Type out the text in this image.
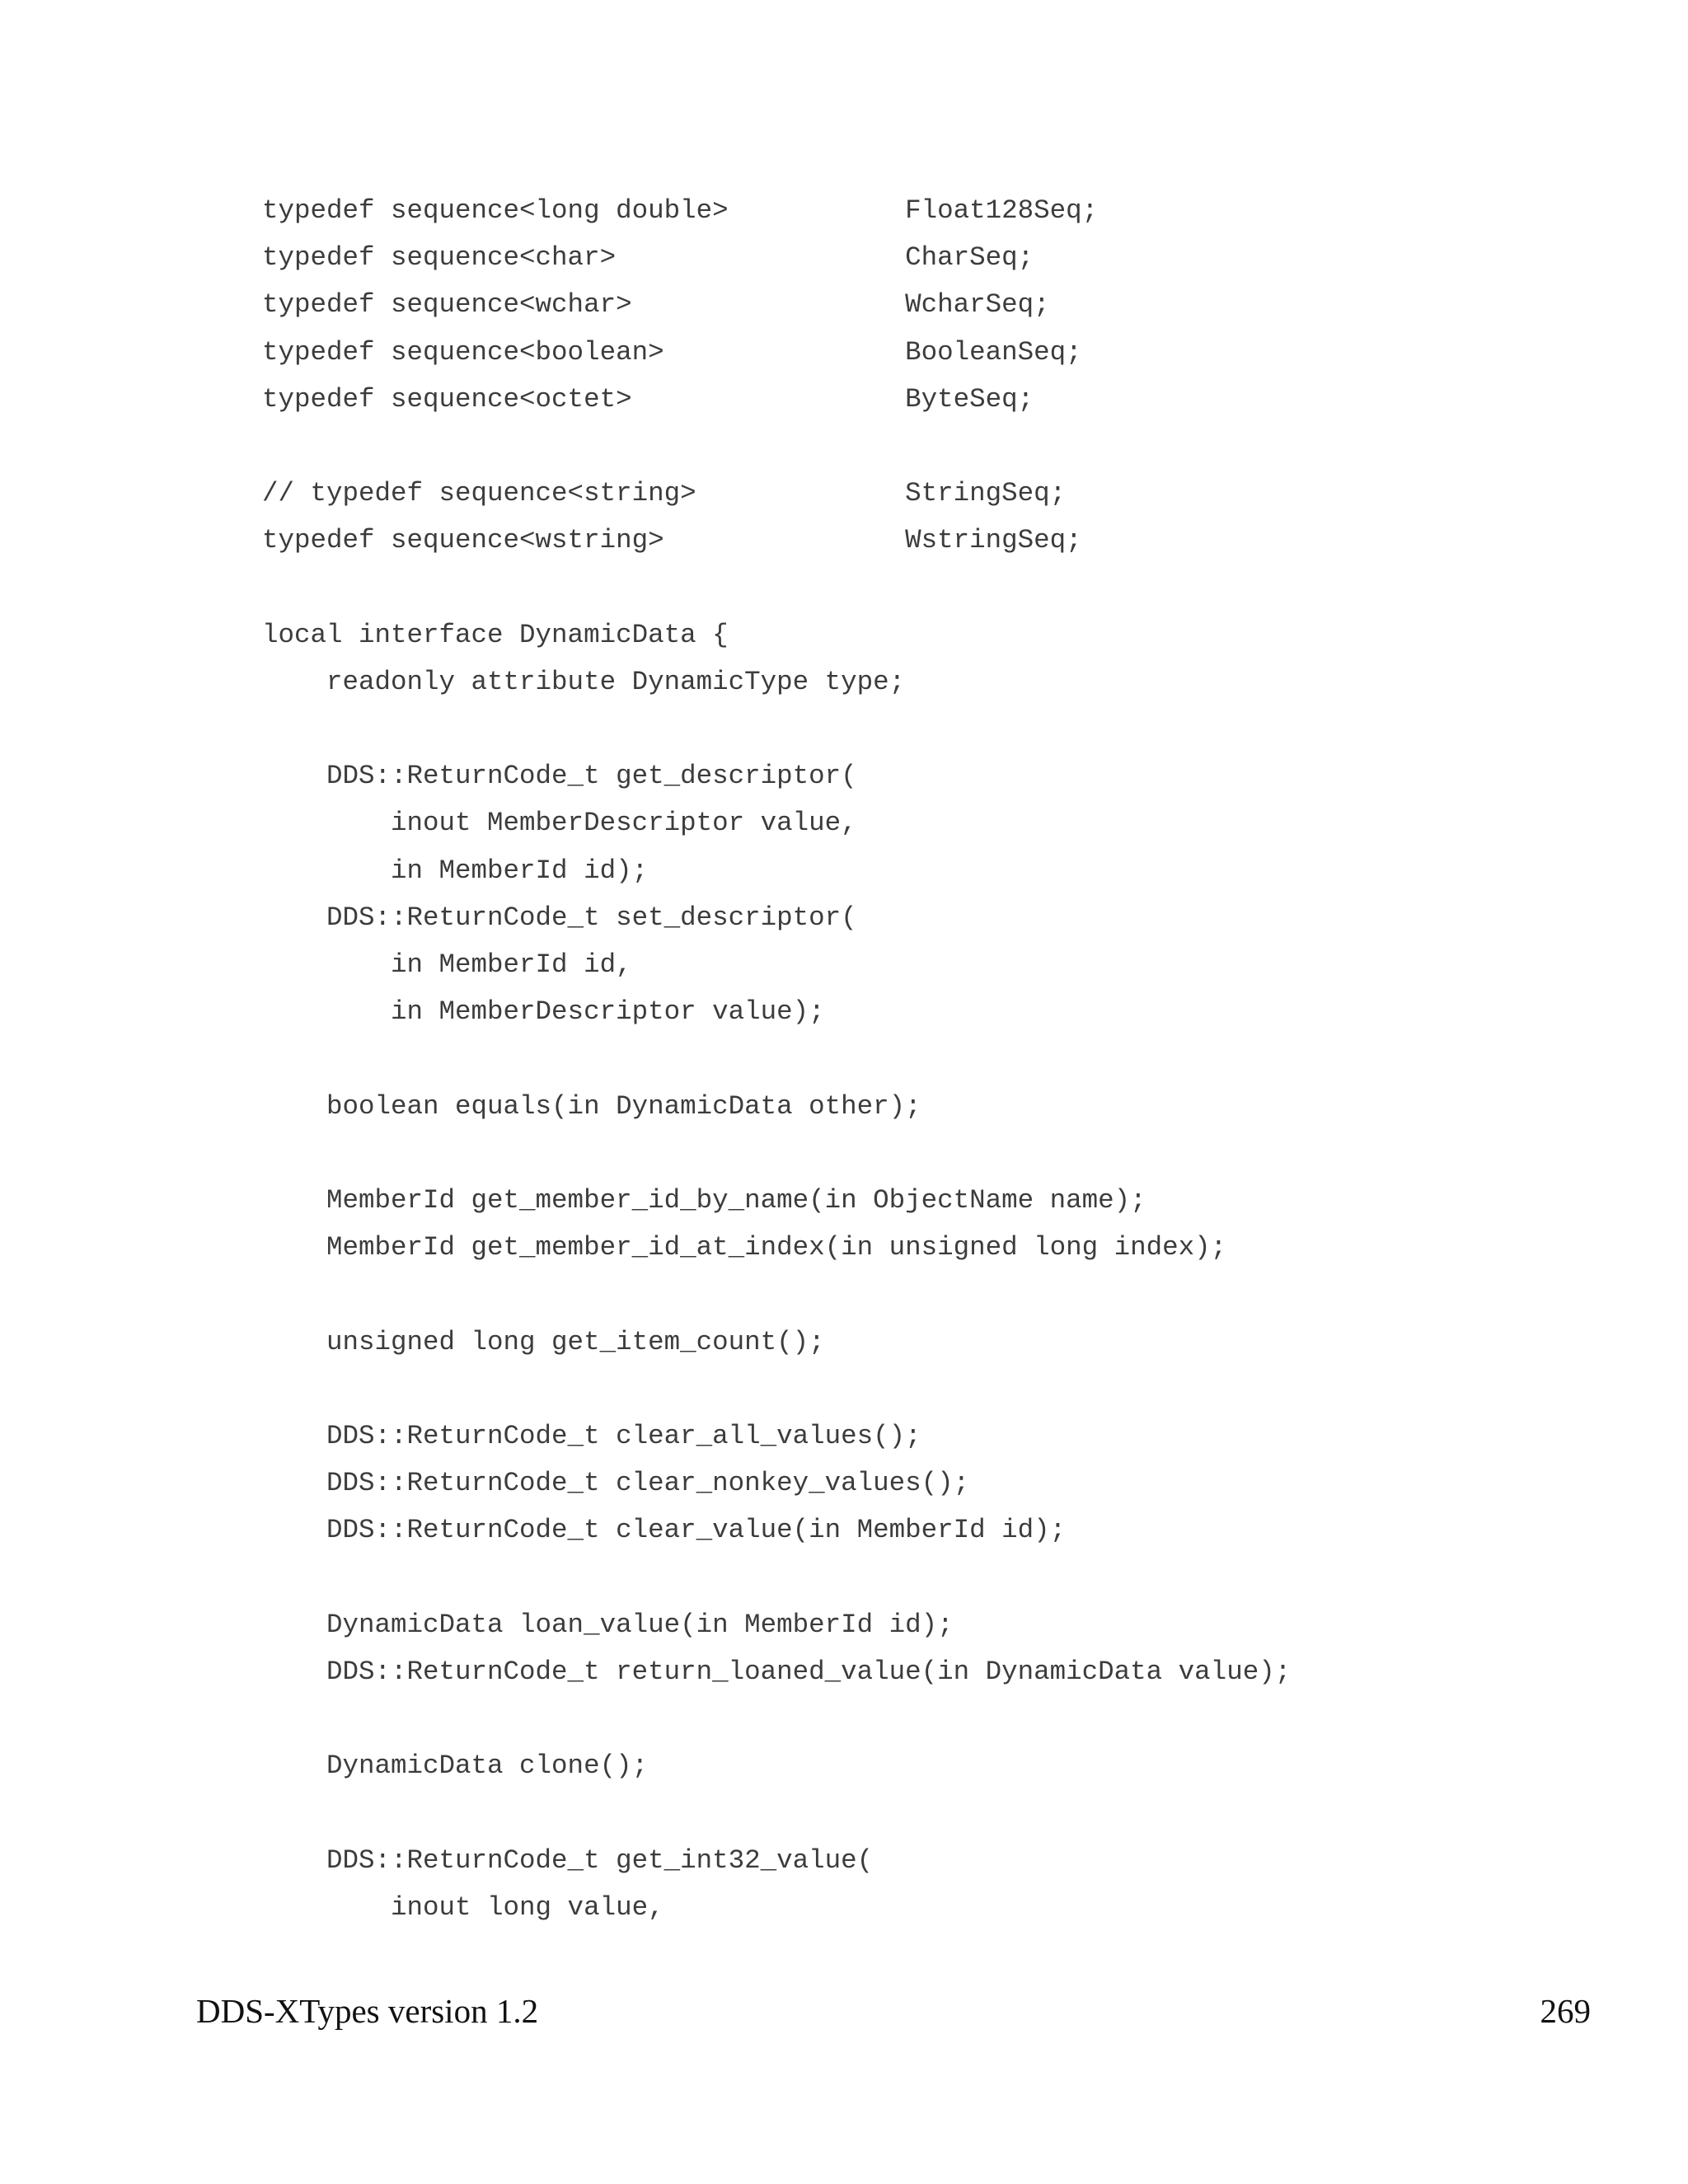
typedef sequence<long double>           Float128Seq;
typedef sequence<char>                  CharSeq;
typedef sequence<wchar>                 WcharSeq;
typedef sequence<boolean>               BooleanSeq;
typedef sequence<octet>                 ByteSeq;
// typedef sequence<string>             StringSeq;
typedef sequence<wstring>               WstringSeq;
local interface DynamicData {
readonly attribute DynamicType type;
DDS::ReturnCode_t get_descriptor(
inout MemberDescriptor value,
in MemberId id);
DDS::ReturnCode_t set_descriptor(
in MemberId id,
in MemberDescriptor value);
boolean equals(in DynamicData other);
MemberId get_member_id_by_name(in ObjectName name);
MemberId get_member_id_at_index(in unsigned long index);
unsigned long get_item_count();
DDS::ReturnCode_t clear_all_values();
DDS::ReturnCode_t clear_nonkey_values();
DDS::ReturnCode_t clear_value(in MemberId id);
DynamicData loan_value(in MemberId id);
DDS::ReturnCode_t return_loaned_value(in DynamicData value);
DynamicData clone();
DDS::ReturnCode_t get_int32_value(
inout long value,
DDS-XTypes version 1.2	269
